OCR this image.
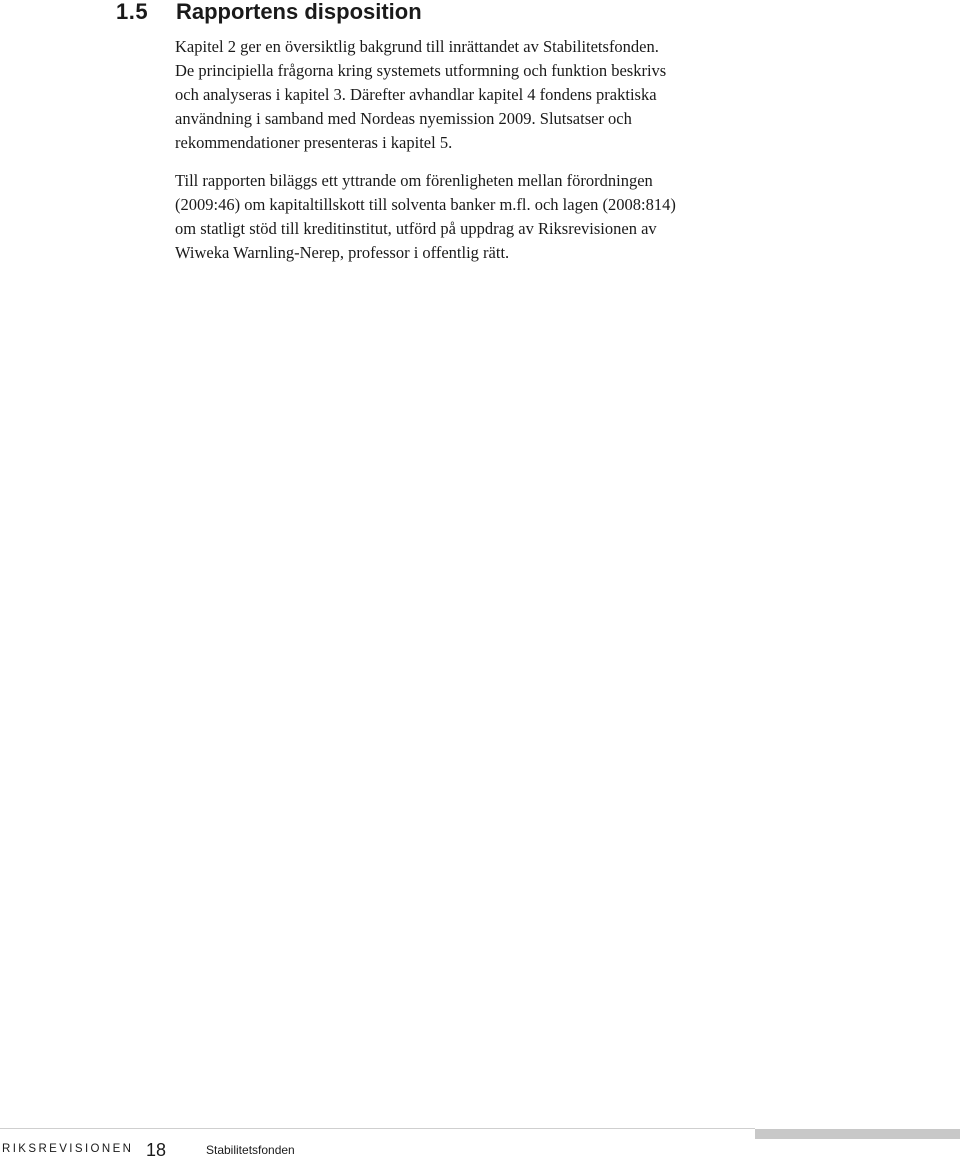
1.5 Rapportens disposition

Kapitel 2 ger en översiktlig bakgrund till inrättandet av Stabilitetsfonden.
De principiella frågorna kring systemets utformning och funktion beskrivs
och analyseras i kapitel 3. Därefter avhandlar kapitel 4 fondens praktiska
användning i samband med Nordeas nyemission 2009. Slutsatser och
rekommendationer presenteras i kapitel 5.

Till rapporten biläggs ett yttrande om förenligheten mellan förordningen
(2009:46) om kapitaltillskott till solventa banker m.fl. och lagen (2008:814)
om statligt stöd till kreditinstitut, utförd på uppdrag av Riksrevisionen av
Wiweka Warnling-Nerep, professor i offentlig rätt.

RIKSREVISIONEN 18	Stabilitetsfonden
